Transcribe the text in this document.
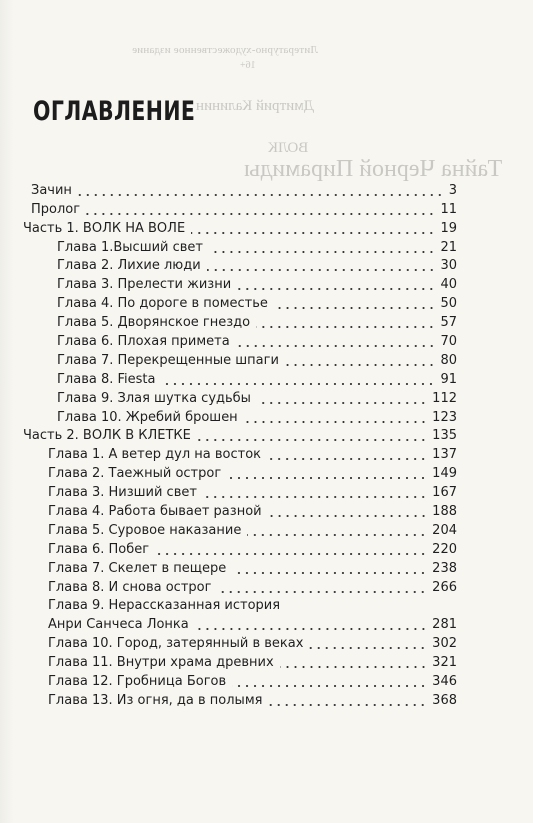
Литературно-художественное издание
16+
Дмитрий Калинин
ВОЛК
Тайна Черной Пирамиды
ОГЛАВЛЕНИЕ
Зачин	3
Пролог	11
Часть 1. ВОЛК НА ВОЛЕ	19
Глава 1.Высший свет	21
Глава 2. Лихие люди	30
Глава 3. Прелести жизни	40
Глава 4. По дороге в поместье	50
Глава 5. Дворянское гнездо	57
Глава 6. Плохая примета	70
Глава 7. Перекрещенные шпаги	80
Глава 8. Fiesta	91
Глава 9. Злая шутка судьбы	112
Глава 10. Жребий брошен	123
Часть 2. ВОЛК В КЛЕТКЕ	135
Глава 1. А ветер дул на восток	137
Глава 2. Таежный острог	149
Глава 3. Низший свет	167
Глава 4. Работа бывает разной	188
Глава 5. Суровое наказание	204
Глава 6. Побег	220
Глава 7. Скелет в пещере	238
Глава 8. И снова острог	266
Глава 9. Нерассказанная история
Анри Санчеса Лонка	281
Глава 10. Город, затерянный в веках	302
Глава 11. Внутри храма древних	321
Глава 12. Гробница Богов	346
Глава 13. Из огня, да в полымя	368
